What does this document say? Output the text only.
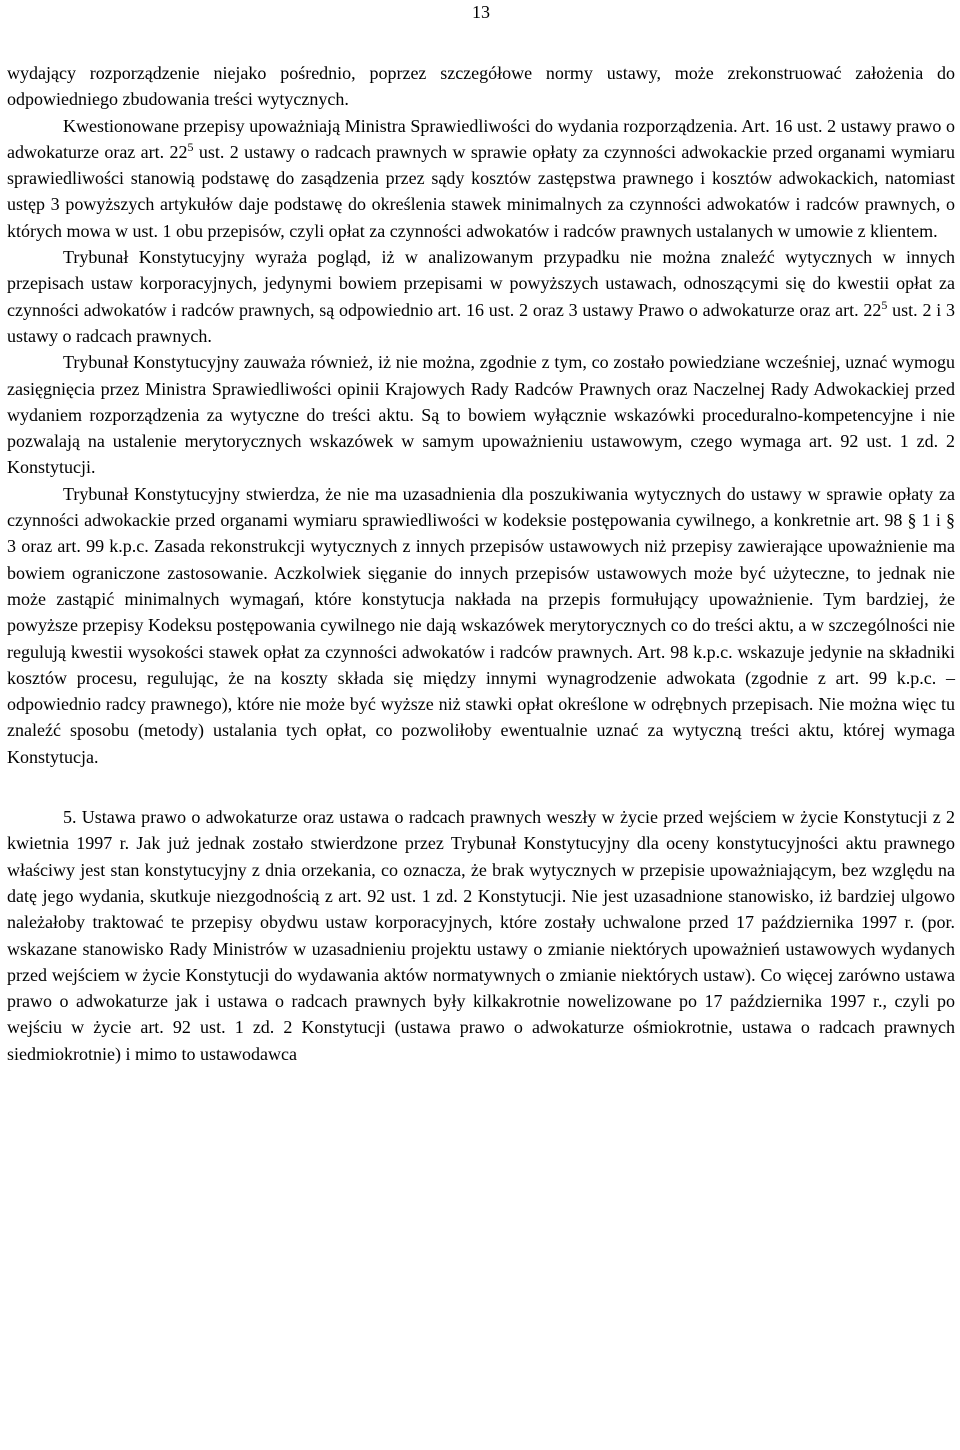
13

wydający rozporządzenie niejako pośrednio, poprzez szczegółowe normy ustawy, może zrekonstruować założenia do odpowiedniego zbudowania treści wytycznych.

Kwestionowane przepisy upoważniają Ministra Sprawiedliwości do wydania rozporządzenia. Art. 16 ust. 2 ustawy prawo o adwokaturze oraz art. $22^5$ ust. 2 ustawy o radcach prawnych w sprawie opłaty za czynności adwokackie przed organami wymiaru sprawiedliwości stanowią podstawę do zasądzenia przez sądy kosztów zastępstwa prawnego i kosztów adwokackich, natomiast ustęp 3 powyższych artykułów daje podstawę do określenia stawek minimalnych za czynności adwokatów i radców prawnych, o których mowa w ust. 1 obu przepisów, czyli opłat za czynności adwokatów i radców prawnych ustalanych w umowie z klientem.

Trybunał Konstytucyjny wyraża pogląd, iż w analizowanym przypadku nie można znaleźć wytycznych w innych przepisach ustaw korporacyjnych, jedynymi bowiem przepisami w powyższych ustawach, odnoszącymi się do kwestii opłat za czynności adwokatów i radców prawnych, są odpowiednio art. 16 ust. 2 oraz 3 ustawy Prawo o adwokaturze oraz art. $22^5$ ust. 2 i 3 ustawy o radcach prawnych.

Trybunał Konstytucyjny zauważa również, iż nie można, zgodnie z tym, co zostało powiedziane wcześniej, uznać wymogu zasięgnięcia przez Ministra Sprawiedliwości opinii Krajowych Rady Radców Prawnych oraz Naczelnej Rady Adwokackiej przed wydaniem rozporządzenia za wytyczne do treści aktu. Są to bowiem wyłącznie wskazówki proceduralno-kompetencyjne i nie pozwalają na ustalenie merytorycznych wskazówek w samym upoważnieniu ustawowym, czego wymaga art. 92 ust. 1 zd. 2 Konstytucji.

Trybunał Konstytucyjny stwierdza, że nie ma uzasadnienia dla poszukiwania wytycznych do ustawy w sprawie opłaty za czynności adwokackie przed organami wymiaru sprawiedliwości w kodeksie postępowania cywilnego, a konkretnie art. 98 § 1 i § 3 oraz art. 99 k.p.c. Zasada rekonstrukcji wytycznych z innych przepisów ustawowych niż przepisy zawierające upoważnienie ma bowiem ograniczone zastosowanie. Aczkolwiek sięganie do innych przepisów ustawowych może być użyteczne, to jednak nie może zastąpić minimalnych wymagań, które konstytucja nakłada na przepis formułujący upoważnienie. Tym bardziej, że powyższe przepisy Kodeksu postępowania cywilnego nie dają wskazówek merytorycznych co do treści aktu, a w szczególności nie regulują kwestii wysokości stawek opłat za czynności adwokatów i radców prawnych. Art. 98 k.p.c. wskazuje jedynie na składniki kosztów procesu, regulując, że na koszty składa się między innymi wynagrodzenie adwokata (zgodnie z art. 99 k.p.c. – odpowiednio radcy prawnego), które nie może być wyższe niż stawki opłat określone w odrębnych przepisach. Nie można więc tu znaleźć sposobu (metody) ustalania tych opłat, co pozwoliłoby ewentualnie uznać za wytyczną treści aktu, której wymaga Konstytucja.

5. Ustawa prawo o adwokaturze oraz ustawa o radcach prawnych weszły w życie przed wejściem w życie Konstytucji z 2 kwietnia 1997 r. Jak już jednak zostało stwierdzone przez Trybunał Konstytucyjny dla oceny konstytucyjności aktu prawnego właściwy jest stan konstytucyjny z dnia orzekania, co oznacza, że brak wytycznych w przepisie upoważniającym, bez względu na datę jego wydania, skutkuje niezgodnością z art. 92 ust. 1 zd. 2 Konstytucji. Nie jest uzasadnione stanowisko, iż bardziej ulgowo należałoby traktować te przepisy obydwu ustaw korporacyjnych, które zostały uchwalone przed 17 października 1997 r. (por. wskazane stanowisko Rady Ministrów w uzasadnieniu projektu ustawy o zmianie niektórych upoważnień ustawowych wydanych przed wejściem w życie Konstytucji do wydawania aktów normatywnych o zmianie niektórych ustaw). Co więcej zarówno ustawa prawo o adwokaturze jak i ustawa o radcach prawnych były kilkakrotnie nowelizowane po 17 października 1997 r., czyli po wejściu w życie art. 92 ust. 1 zd. 2 Konstytucji (ustawa prawo o adwokaturze ośmiokrotnie, ustawa o radcach prawnych siedmiokrotnie) i mimo to ustawodawca
